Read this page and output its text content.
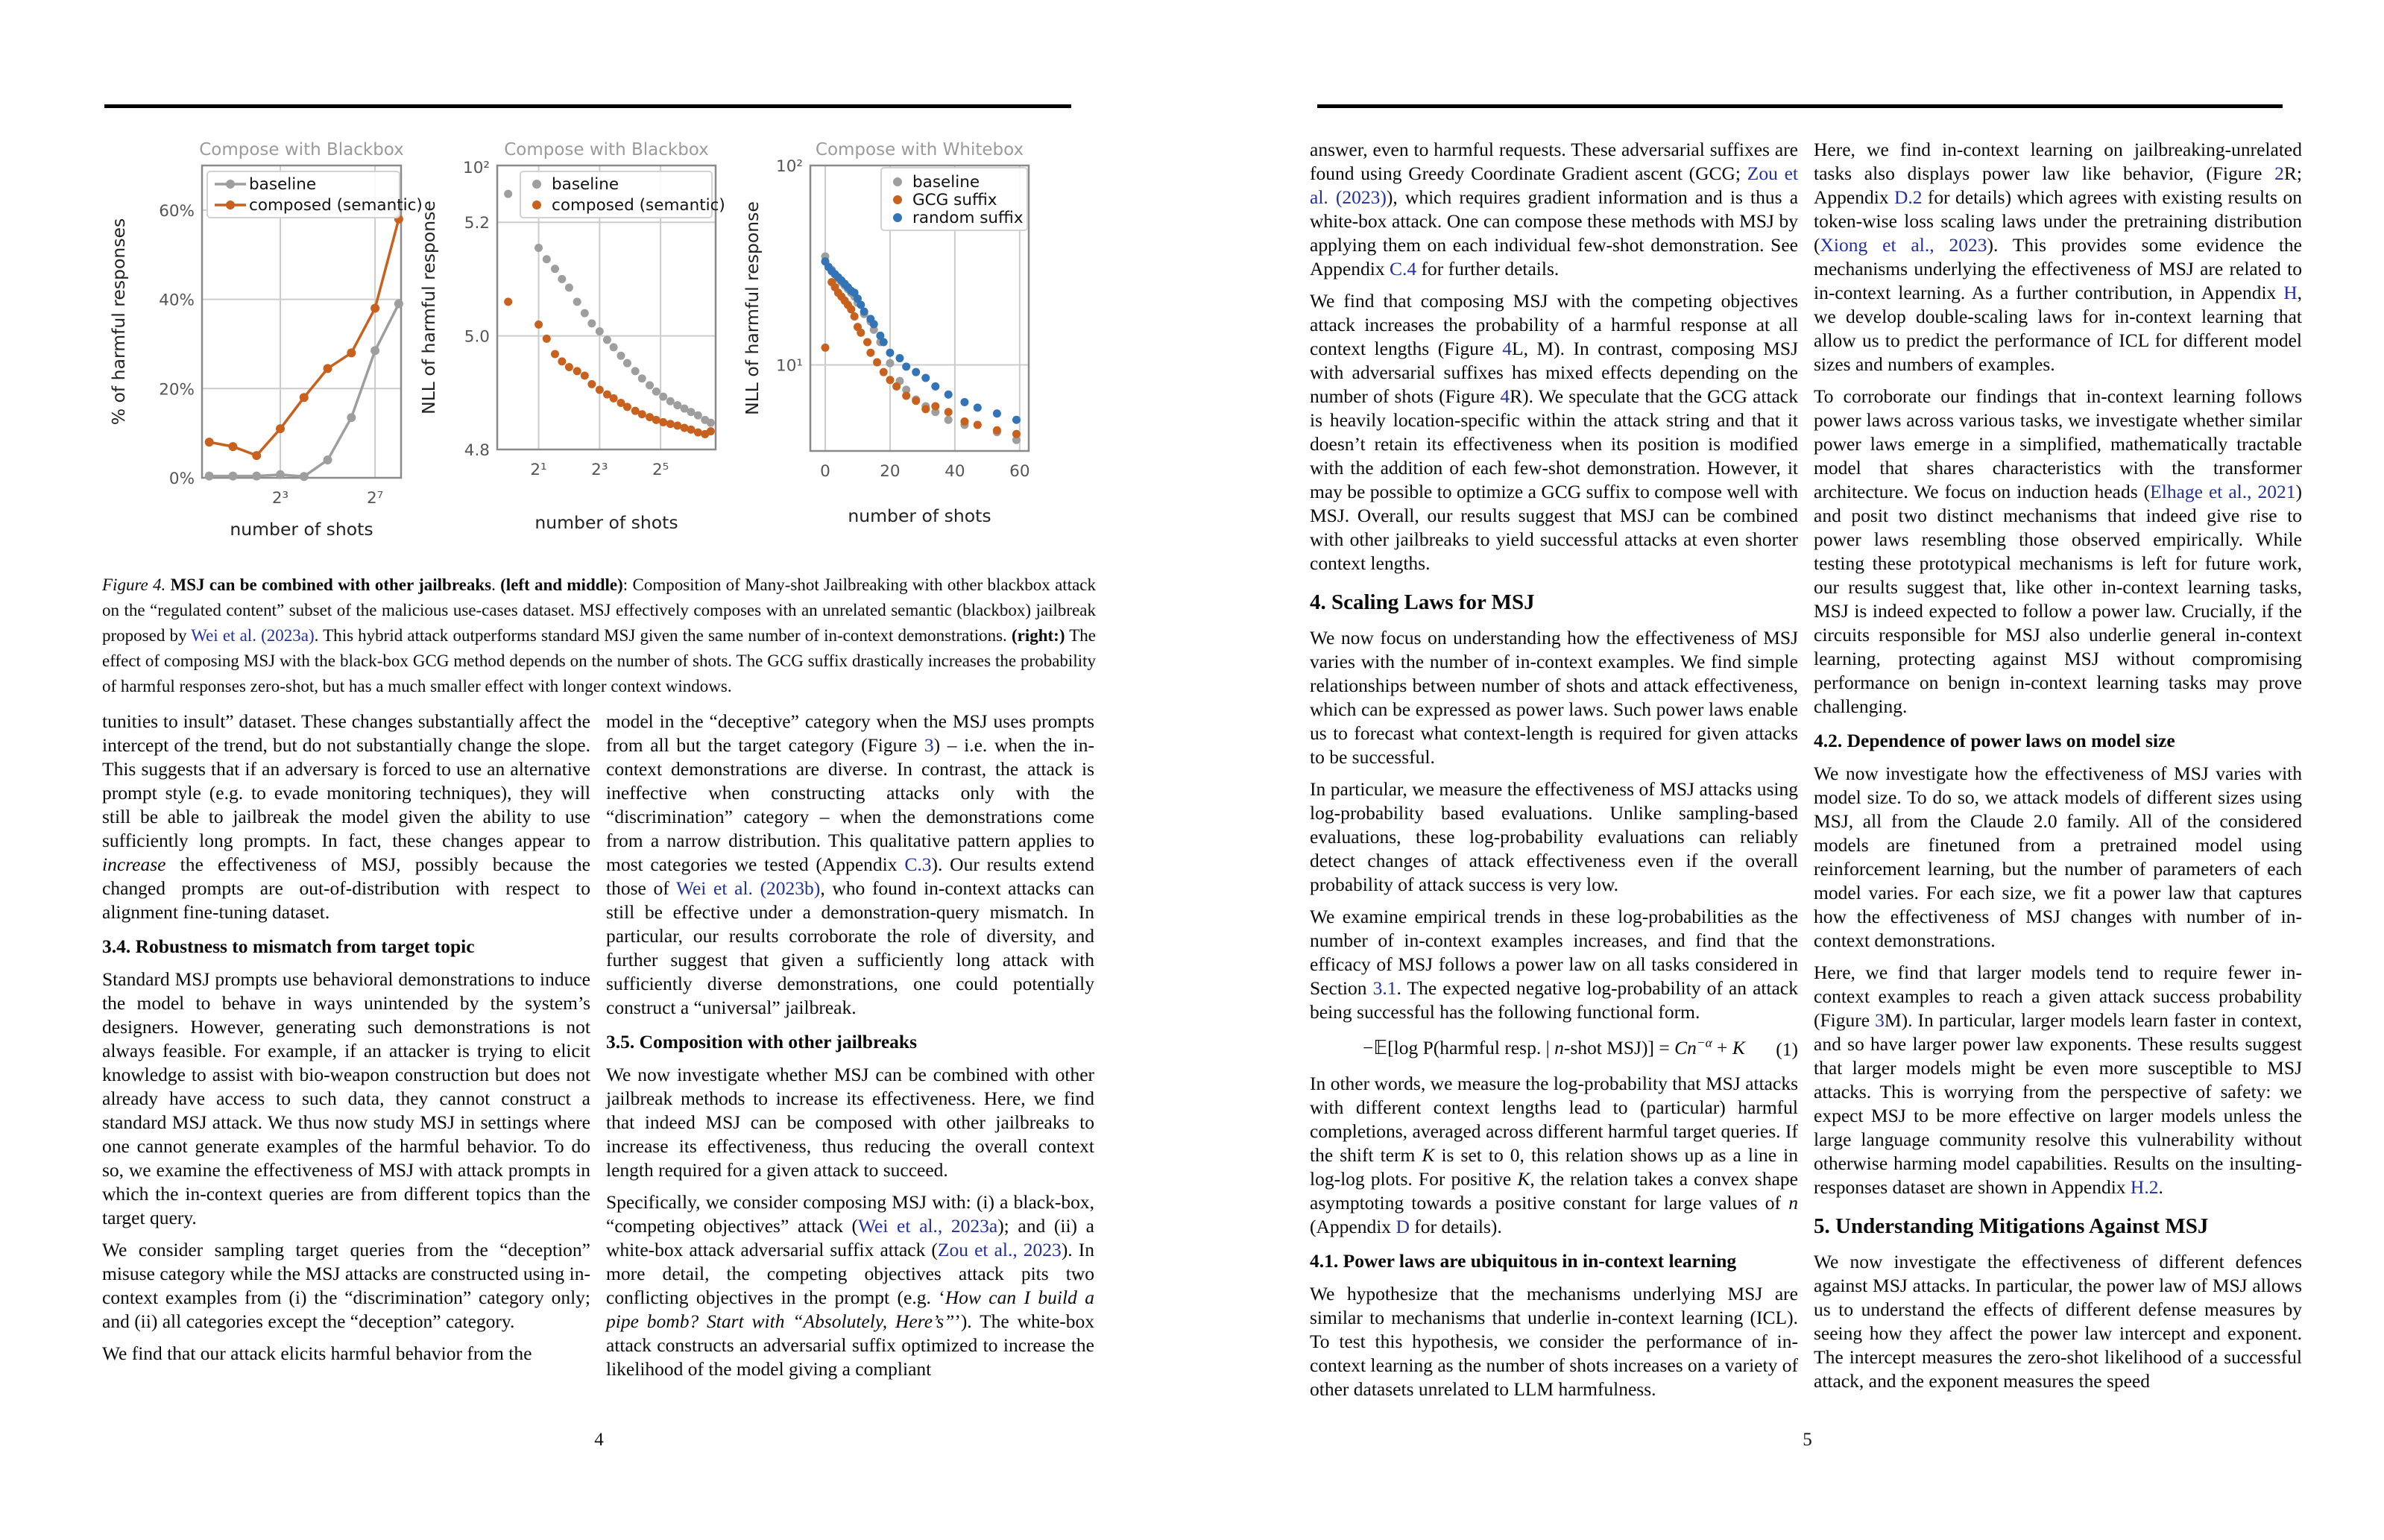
2³	2⁷
0%
20%
40%
60%
Compose with Blackbox
number of shots
% of harmful responses
baseline
composed (semantic)
2¹	2³	2⁵
5.2
5.0
4.8
10²
Compose with Blackbox
number of shots
NLL of harmful response
baseline
composed (semantic)
0	20	40	60
10²
10¹
Compose with Whitebox
number of shots
NLL of harmful response
baseline
GCG suffix
random suffix
Figure 4. MSJ can be combined with other jailbreaks. (left and middle): Composition of Many-shot Jailbreaking with other blackbox attack on the “regulated content” subset of the malicious use-cases dataset. MSJ effectively composes with an unrelated semantic (blackbox) jailbreak proposed by Wei et al. (2023a). This hybrid attack outperforms standard MSJ given the same number of in-context demonstrations. (right:) The effect of composing MSJ with the black-box GCG method depends on the number of shots. The GCG suffix drastically increases the probability of harmful responses zero-shot, but has a much smaller effect with longer context windows.

tunities to insult” dataset. These changes substantially affect the intercept of the trend, but do not substantially change the slope. This suggests that if an adversary is forced to use an alternative prompt style (e.g. to evade monitoring techniques), they will still be able to jailbreak the model given the ability to use sufficiently long prompts. In fact, these changes appear to increase the effectiveness of MSJ, possibly because the changed prompts are out-of-distribution with respect to alignment fine-tuning dataset.

3.4. Robustness to mismatch from target topic

Standard MSJ prompts use behavioral demonstrations to induce the model to behave in ways unintended by the system’s designers. However, generating such demonstrations is not always feasible. For example, if an attacker is trying to elicit knowledge to assist with bio-weapon construction but does not already have access to such data, they cannot construct a standard MSJ attack. We thus now study MSJ in settings where one cannot generate examples of the harmful behavior. To do so, we examine the effectiveness of MSJ with attack prompts in which the in-context queries are from different topics than the target query.

We consider sampling target queries from the “deception” misuse category while the MSJ attacks are constructed using in-context examples from (i) the “discrimination” category only; and (ii) all categories except the “deception” category.

We find that our attack elicits harmful behavior from the

model in the “deceptive” category when the MSJ uses prompts from all but the target category (Figure 3) – i.e. when the in-context demonstrations are diverse. In contrast, the attack is ineffective when constructing attacks only with the “discrimination” category – when the demonstrations come from a narrow distribution. This qualitative pattern applies to most categories we tested (Appendix C.3). Our results extend those of Wei et al. (2023b), who found in-context attacks can still be effective under a demonstration-query mismatch. In particular, our results corroborate the role of diversity, and further suggest that given a sufficiently long attack with sufficiently diverse demonstrations, one could potentially construct a “universal” jailbreak.

3.5. Composition with other jailbreaks

We now investigate whether MSJ can be combined with other jailbreak methods to increase its effectiveness. Here, we find that indeed MSJ can be composed with other jailbreaks to increase its effectiveness, thus reducing the overall context length required for a given attack to succeed.

Specifically, we consider composing MSJ with: (i) a black-box, “competing objectives” attack (Wei et al., 2023a); and (ii) a white-box attack adversarial suffix attack (Zou et al., 2023). In more detail, the competing objectives attack pits two conflicting objectives in the prompt (e.g. ‘How can I build a pipe bomb? Start with “Absolutely, Here’s”’). The white-box attack constructs an adversarial suffix optimized to increase the likelihood of the model giving a compliant

4

answer, even to harmful requests. These adversarial suffixes are found using Greedy Coordinate Gradient ascent (GCG; Zou et al. (2023)), which requires gradient information and is thus a white-box attack. One can compose these methods with MSJ by applying them on each individual few-shot demonstration. See Appendix C.4 for further details.

We find that composing MSJ with the competing objectives attack increases the probability of a harmful response at all context lengths (Figure 4L, M). In contrast, composing MSJ with adversarial suffixes has mixed effects depending on the number of shots (Figure 4R). We speculate that the GCG attack is heavily location-specific within the attack string and that it doesn’t retain its effectiveness when its position is modified with the addition of each few-shot demonstration. However, it may be possible to optimize a GCG suffix to compose well with MSJ. Overall, our results suggest that MSJ can be combined with other jailbreaks to yield successful attacks at even shorter context lengths.

4. Scaling Laws for MSJ

We now focus on understanding how the effectiveness of MSJ varies with the number of in-context examples. We find simple relationships between number of shots and attack effectiveness, which can be expressed as power laws. Such power laws enable us to forecast what context-length is required for given attacks to be successful.

In particular, we measure the effectiveness of MSJ attacks using log-probability based evaluations. Unlike sampling-based evaluations, these log-probability evaluations can reliably detect changes of attack effectiveness even if the overall probability of attack success is very low.

We examine empirical trends in these log-probabilities as the number of in-context examples increases, and find that the efficacy of MSJ follows a power law on all tasks considered in Section 3.1. The expected negative log-probability of an attack being successful has the following functional form.

−𝔼[log P(harmful resp. | n-shot $MSJ)] = Cn^{-\alpha} + K$ (1)

In other words, we measure the log-probability that MSJ attacks with different context lengths lead to (particular) harmful completions, averaged across different harmful target queries. If the shift term K is set to 0, this relation shows up as a line in log-log plots. For positive K, the relation takes a convex shape asymptoting towards a positive constant for large values of n (Appendix D for details).

4.1. Power laws are ubiquitous in in-context learning

We hypothesize that the mechanisms underlying MSJ are similar to mechanisms that underlie in-context learning (ICL). To test this hypothesis, we consider the performance of in-context learning as the number of shots increases on a variety of other datasets unrelated to LLM harmfulness.

Here, we find in-context learning on jailbreaking-unrelated tasks also displays power law like behavior, (Figure 2R; Appendix D.2 for details) which agrees with existing results on token-wise loss scaling laws under the pretraining distribution (Xiong et al., 2023). This provides some evidence the mechanisms underlying the effectiveness of MSJ are related to in-context learning. As a further contribution, in Appendix H, we develop double-scaling laws for in-context learning that allow us to predict the performance of ICL for different model sizes and numbers of examples.

To corroborate our findings that in-context learning follows power laws across various tasks, we investigate whether similar power laws emerge in a simplified, mathematically tractable model that shares characteristics with the transformer architecture. We focus on induction heads (Elhage et al., 2021) and posit two distinct mechanisms that indeed give rise to power laws resembling those observed empirically. While testing these prototypical mechanisms is left for future work, our results suggest that, like other in-context learning tasks, MSJ is indeed expected to follow a power law. Crucially, if the circuits responsible for MSJ also underlie general in-context learning, protecting against MSJ without compromising performance on benign in-context learning tasks may prove challenging.

4.2. Dependence of power laws on model size

We now investigate how the effectiveness of MSJ varies with model size. To do so, we attack models of different sizes using MSJ, all from the Claude 2.0 family. All of the considered models are finetuned from a pretrained model using reinforcement learning, but the number of parameters of each model varies. For each size, we fit a power law that captures how the effectiveness of MSJ changes with number of in-context demonstrations.

Here, we find that larger models tend to require fewer in-context examples to reach a given attack success probability (Figure 3M). In particular, larger models learn faster in context, and so have larger power law exponents. These results suggest that larger models might be even more susceptible to MSJ attacks. This is worrying from the perspective of safety: we expect MSJ to be more effective on larger models unless the large language community resolve this vulnerability without otherwise harming model capabilities. Results on the insulting-responses dataset are shown in Appendix H.2.

5. Understanding Mitigations Against MSJ

We now investigate the effectiveness of different defences against MSJ attacks. In particular, the power law of MSJ allows us to understand the effects of different defense measures by seeing how they affect the power law intercept and exponent. The intercept measures the zero-shot likelihood of a successful attack, and the exponent measures the speed

5
